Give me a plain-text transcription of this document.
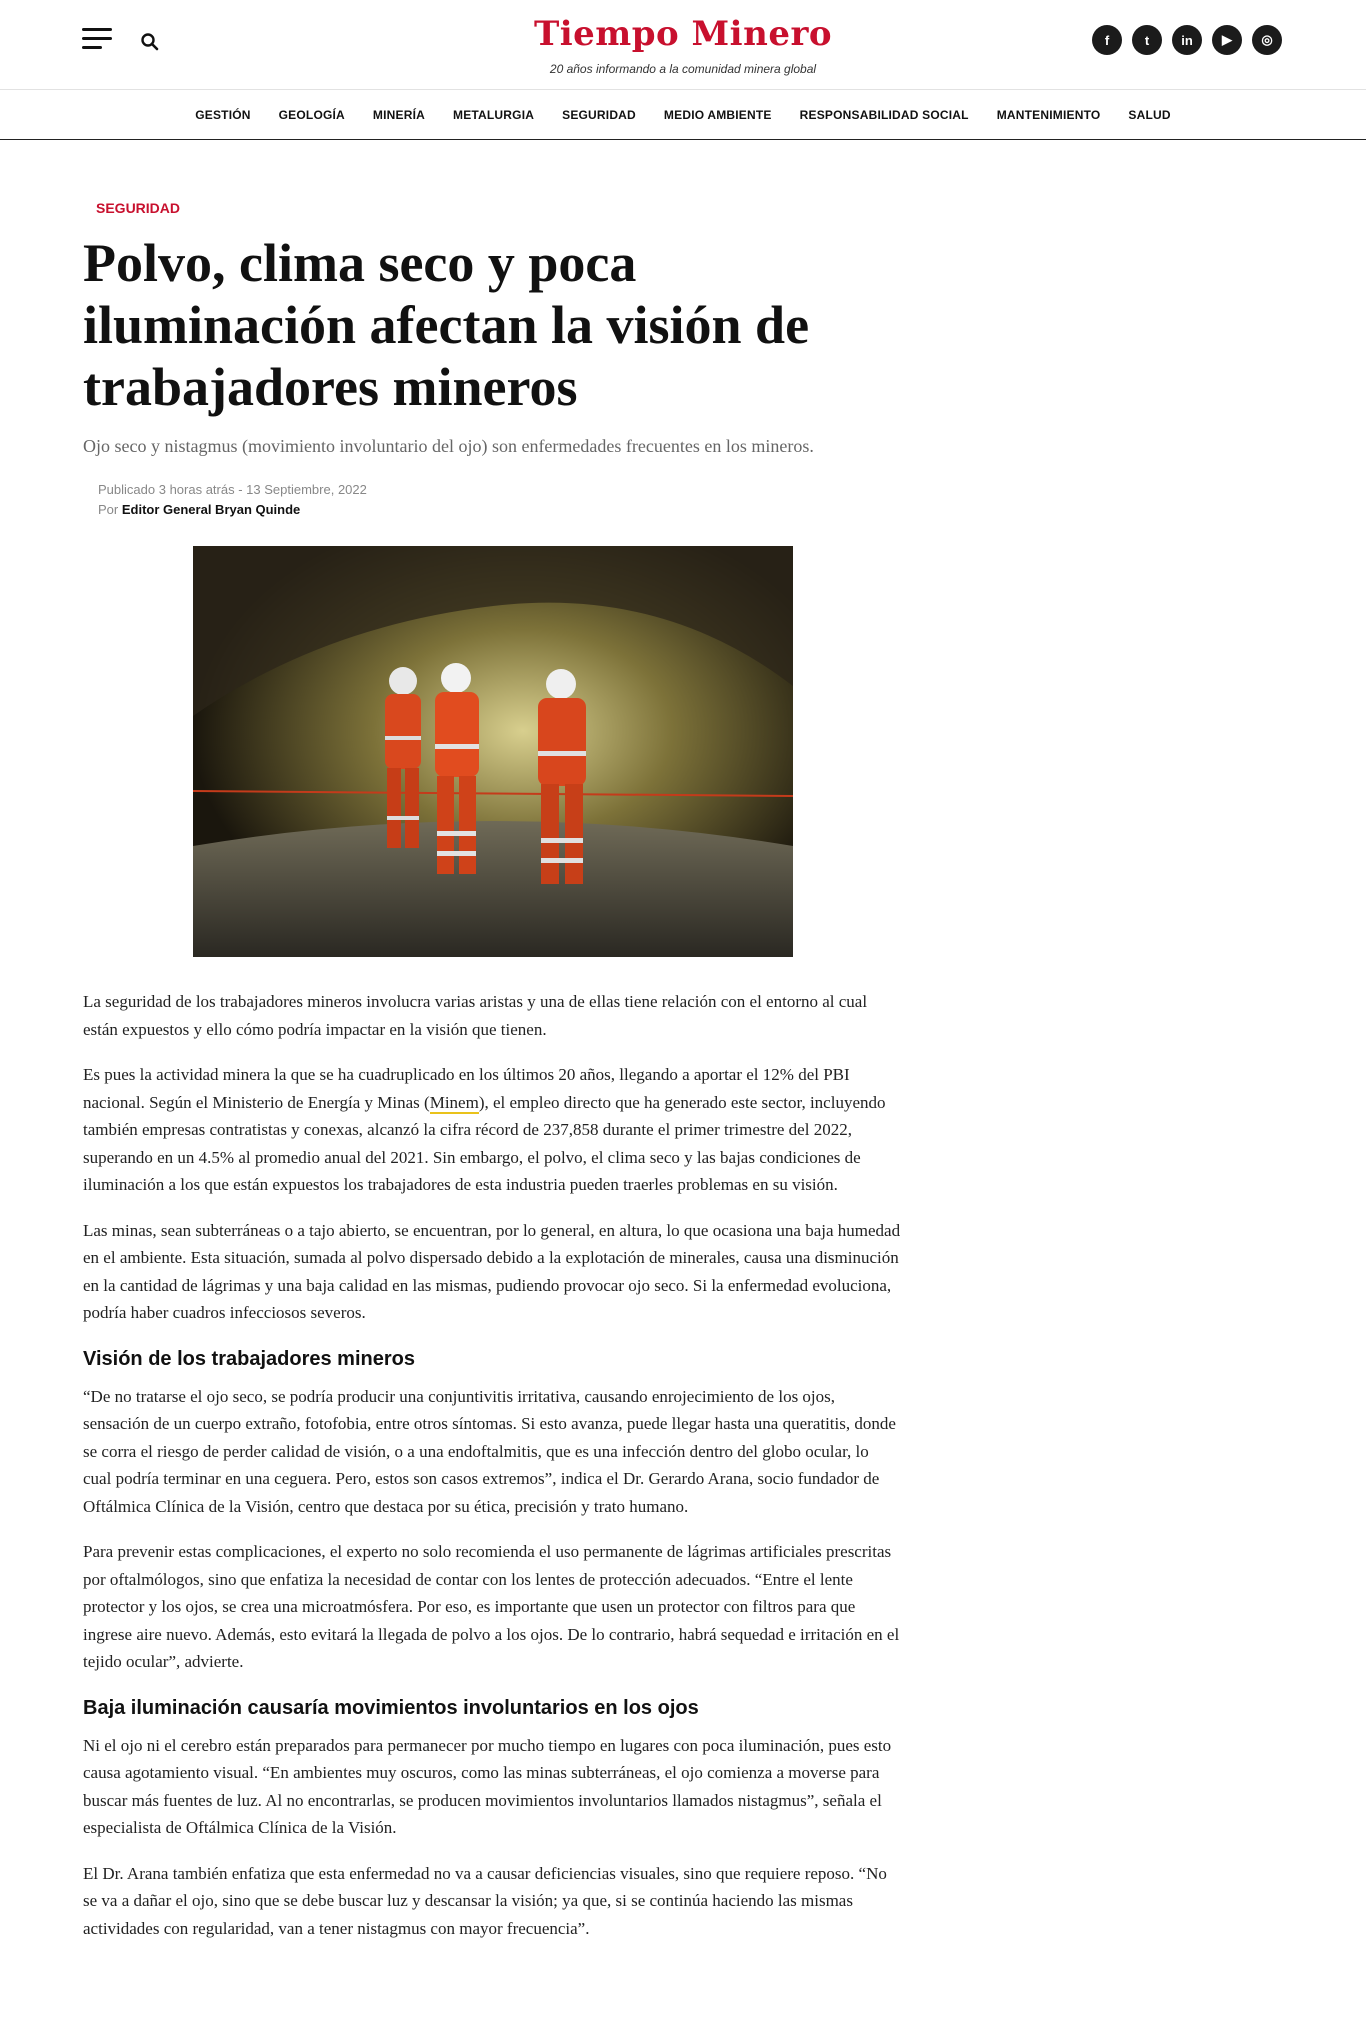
Tiempo Minero
20 años informando a la comunidad minera global
f	t	in	▶	◎
GESTIÓN GEOLOGÍA MINERÍA METALURGIA SEGURIDAD MEDIO AMBIENTE RESPONSABILIDAD SOCIAL MANTENIMIENTO SALUD
SEGURIDAD
Polvo, clima seco y poca iluminación afectan la visión de trabajadores mineros
Ojo seco y nistagmus (movimiento involuntario del ojo) son enfermedades frecuentes en los mineros.
Publicado 3 horas atrás - 13 Septiembre, 2022
Por Editor General Bryan Quinde

La seguridad de los trabajadores mineros involucra varias aristas y una de ellas tiene relación con el entorno al cual están expuestos y ello cómo podría impactar en la visión que tienen.

Es pues la actividad minera la que se ha cuadruplicado en los últimos 20 años, llegando a aportar el 12% del PBI nacional. Según el Ministerio de Energía y Minas (Minem), el empleo directo que ha generado este sector, incluyendo también empresas contratistas y conexas, alcanzó la cifra récord de 237,858 durante el primer trimestre del 2022, superando en un 4.5% al promedio anual del 2021. Sin embargo, el polvo, el clima seco y las bajas condiciones de iluminación a los que están expuestos los trabajadores de esta industria pueden traerles problemas en su visión.

Las minas, sean subterráneas o a tajo abierto, se encuentran, por lo general, en altura, lo que ocasiona una baja humedad en el ambiente. Esta situación, sumada al polvo dispersado debido a la explotación de minerales, causa una disminución en la cantidad de lágrimas y una baja calidad en las mismas, pudiendo provocar ojo seco. Si la enfermedad evoluciona, podría haber cuadros infecciosos severos.

Visión de los trabajadores mineros

“De no tratarse el ojo seco, se podría producir una conjuntivitis irritativa, causando enrojecimiento de los ojos, sensación de un cuerpo extraño, fotofobia, entre otros síntomas. Si esto avanza, puede llegar hasta una queratitis, donde se corra el riesgo de perder calidad de visión, o a una endoftalmitis, que es una infección dentro del globo ocular, lo cual podría terminar en una ceguera. Pero, estos son casos extremos”, indica el Dr. Gerardo Arana, socio fundador de Oftálmica Clínica de la Visión, centro que destaca por su ética, precisión y trato humano.

Para prevenir estas complicaciones, el experto no solo recomienda el uso permanente de lágrimas artificiales prescritas por oftalmólogos, sino que enfatiza la necesidad de contar con los lentes de protección adecuados. “Entre el lente protector y los ojos, se crea una microatmósfera. Por eso, es importante que usen un protector con filtros para que ingrese aire nuevo. Además, esto evitará la llegada de polvo a los ojos. De lo contrario, habrá sequedad e irritación en el tejido ocular”, advierte.

Baja iluminación causaría movimientos involuntarios en los ojos

Ni el ojo ni el cerebro están preparados para permanecer por mucho tiempo en lugares con poca iluminación, pues esto causa agotamiento visual. “En ambientes muy oscuros, como las minas subterráneas, el ojo comienza a moverse para buscar más fuentes de luz. Al no encontrarlas, se producen movimientos involuntarios llamados nistagmus”, señala el especialista de Oftálmica Clínica de la Visión.

El Dr. Arana también enfatiza que esta enfermedad no va a causar deficiencias visuales, sino que requiere reposo. “No se va a dañar el ojo, sino que se debe buscar luz y descansar la visión; ya que, si se continúa haciendo las mismas actividades con regularidad, van a tener nistagmus con mayor frecuencia”.
